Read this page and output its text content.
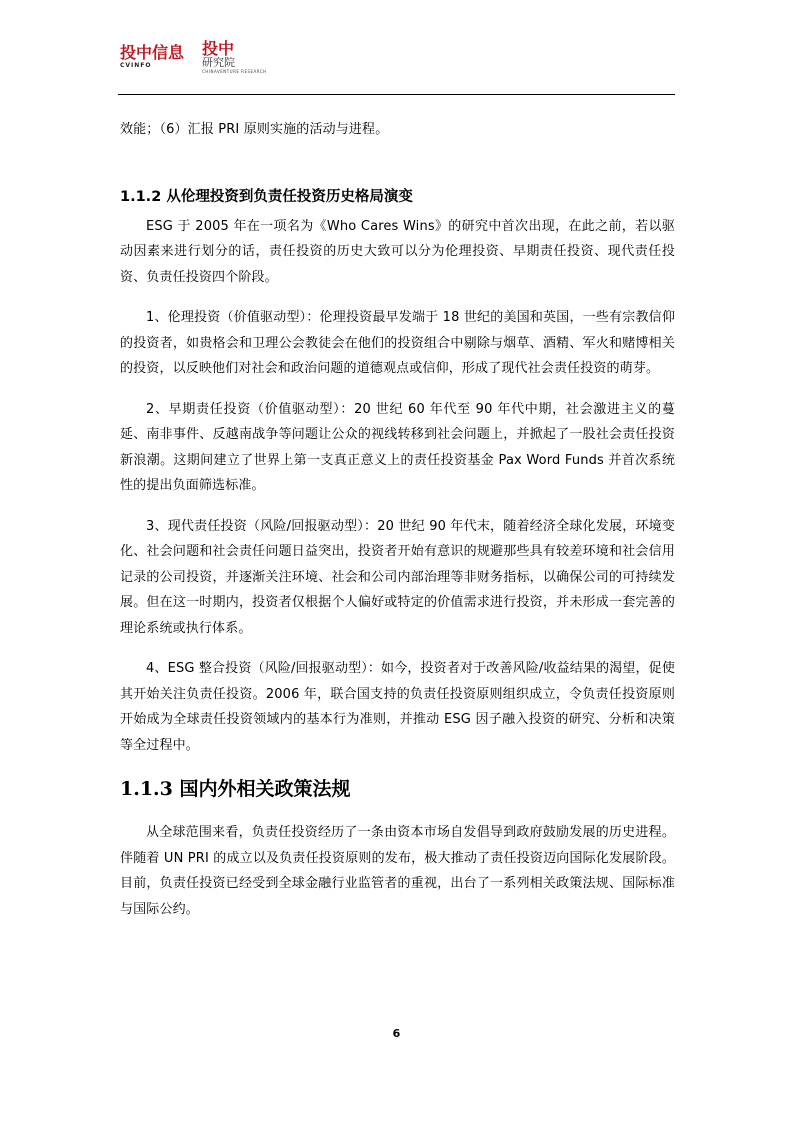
投中信息
CVINFO
投中
研究院
CHINAVENTURE RESEARCH

效能；（6）汇报 PRI 原则实施的活动与进程。

1.1.2 从伦理投资到负责任投资历史格局演变

ESG 于 2005 年在一项名为《Who Cares Wins》的研究中首次出现，在此之前，若以驱动因素来进行划分的话，责任投资的历史大致可以分为伦理投资、早期责任投资、现代责任投资、负责任投资四个阶段。

1、伦理投资（价值驱动型）：伦理投资最早发端于 18 世纪的美国和英国，一些有宗教信仰的投资者，如贵格会和卫理公会教徒会在他们的投资组合中剔除与烟草、酒精、军火和赌博相关的投资，以反映他们对社会和政治问题的道德观点或信仰，形成了现代社会责任投资的萌芽。

2、早期责任投资（价值驱动型）：20 世纪 60 年代至 90 年代中期，社会激进主义的蔓延、南非事件、反越南战争等问题让公众的视线转移到社会问题上，并掀起了一股社会责任投资新浪潮。这期间建立了世界上第一支真正意义上的责任投资基金 Pax Word Funds 并首次系统性的提出负面筛选标准。

3、现代责任投资（风险/回报驱动型）：20 世纪 90 年代末，随着经济全球化发展，环境变化、社会问题和社会责任问题日益突出，投资者开始有意识的规避那些具有较差环境和社会信用记录的公司投资，并逐渐关注环境、社会和公司内部治理等非财务指标，以确保公司的可持续发展。但在这一时期内，投资者仅根据个人偏好或特定的价值需求进行投资，并未形成一套完善的理论系统或执行体系。

4、ESG 整合投资（风险/回报驱动型）：如今，投资者对于改善风险/收益结果的渴望，促使其开始关注负责任投资。2006 年，联合国支持的负责任投资原则组织成立，令负责任投资原则开始成为全球责任投资领域内的基本行为准则，并推动 ESG 因子融入投资的研究、分析和决策等全过程中。

1.1.3 国内外相关政策法规

从全球范围来看，负责任投资经历了一条由资本市场自发倡导到政府鼓励发展的历史进程。伴随着 UN PRI 的成立以及负责任投资原则的发布，极大推动了责任投资迈向国际化发展阶段。目前，负责任投资已经受到全球金融行业监管者的重视，出台了一系列相关政策法规、国际标准与国际公约。

6
